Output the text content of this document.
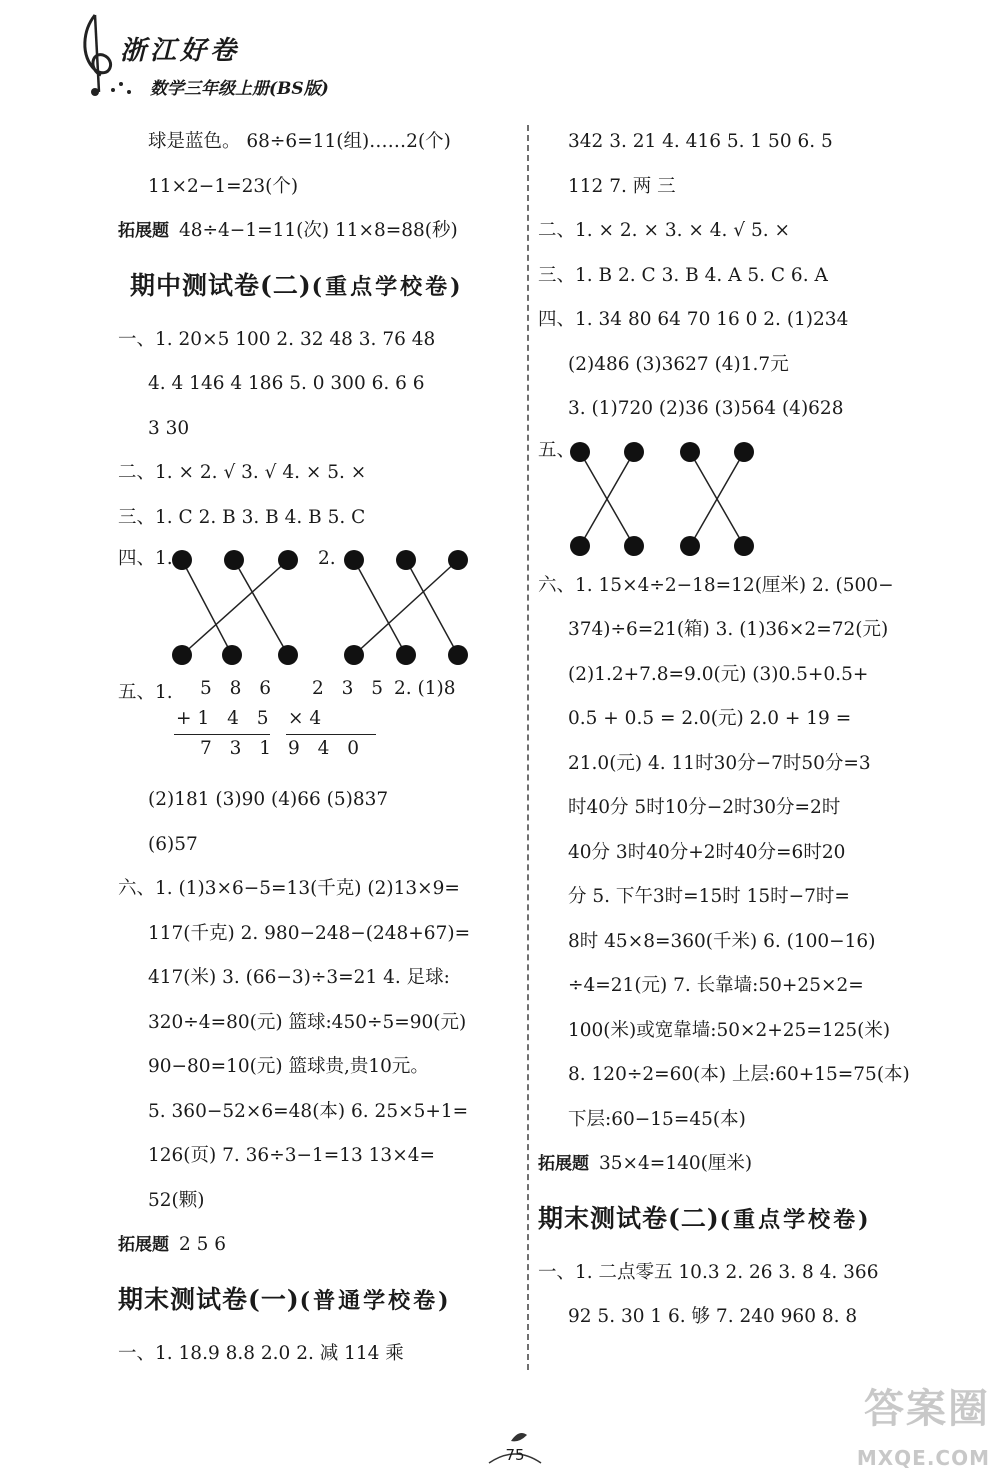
浙江好卷
数学三年级上册(BS版)
球是蓝色。 68÷6=11(组)……2(个)
11×2−1=23(个)
拓展题 48÷4−1=11(次) 11×8=88(秒)
期中测试卷(二)(重点学校卷)
一、1. 20×5 100 2. 32 48 3. 76 48
4. 4 146 4 186 5. 0 300 6. 6 6
3 30
二、1. × 2. √ 3. √ 4. × 5. ×
三、1. C 2. B 3. B 4. B 5. C
四、1.	2.
五、1. 5 8 6
+1 4 5
7 3 1
2 3 5
× 4
9 4 0
2. (1)8
(2)181 (3)90 (4)66 (5)837
(6)57
六、1. (1)3×6−5=13(千克) (2)13×9=
117(千克) 2. 980−248−(248+67)=
417(米) 3. (66−3)÷3=21 4. 足球:
320÷4=80(元) 篮球:450÷5=90(元)
90−80=10(元) 篮球贵,贵10元。
5. 360−52×6=48(本) 6. 25×5+1=
126(页) 7. 36÷3−1=13 13×4=
52(颗)
拓展题 2 5 6
期末测试卷(一)(普通学校卷)
一、1. 18.9 8.8 2.0 2. 减 114 乘
342 3. 21 4. 416 5. 1 50 6. 5
112 7. 两 三
二、1. × 2. × 3. × 4. √ 5. ×
三、1. B 2. C 3. B 4. A 5. C 6. A
四、1. 34 80 64 70 16 0 2. (1)234
(2)486 (3)3627 (4)1.7元
3. (1)720 (2)36 (3)564 (4)628
五、
六、1. 15×4÷2−18=12(厘米) 2. (500−
374)÷6=21(箱) 3. (1)36×2=72(元)
(2)1.2+7.8=9.0(元) (3)0.5+0.5+
0.5 + 0.5 = 2.0(元) 2.0 + 19 =
21.0(元) 4. 11时30分−7时50分=3
时40分 5时10分−2时30分=2时
40分 3时40分+2时40分=6时20
分 5. 下午3时=15时 15时−7时=
8时 45×8=360(千米) 6. (100−16)
÷4=21(元) 7. 长靠墙:50+25×2=
100(米)或宽靠墙:50×2+25=125(米)
8. 120÷2=60(本) 上层:60+15=75(本)
下层:60−15=45(本)
拓展题 35×4=140(厘米)
期末测试卷(二)(重点学校卷)
一、1. 二点零五 10.3 2. 26 3. 8 4. 366
92 5. 30 1 6. 够 7. 240 960 8. 8
75
答案圈
MXQE.COM
